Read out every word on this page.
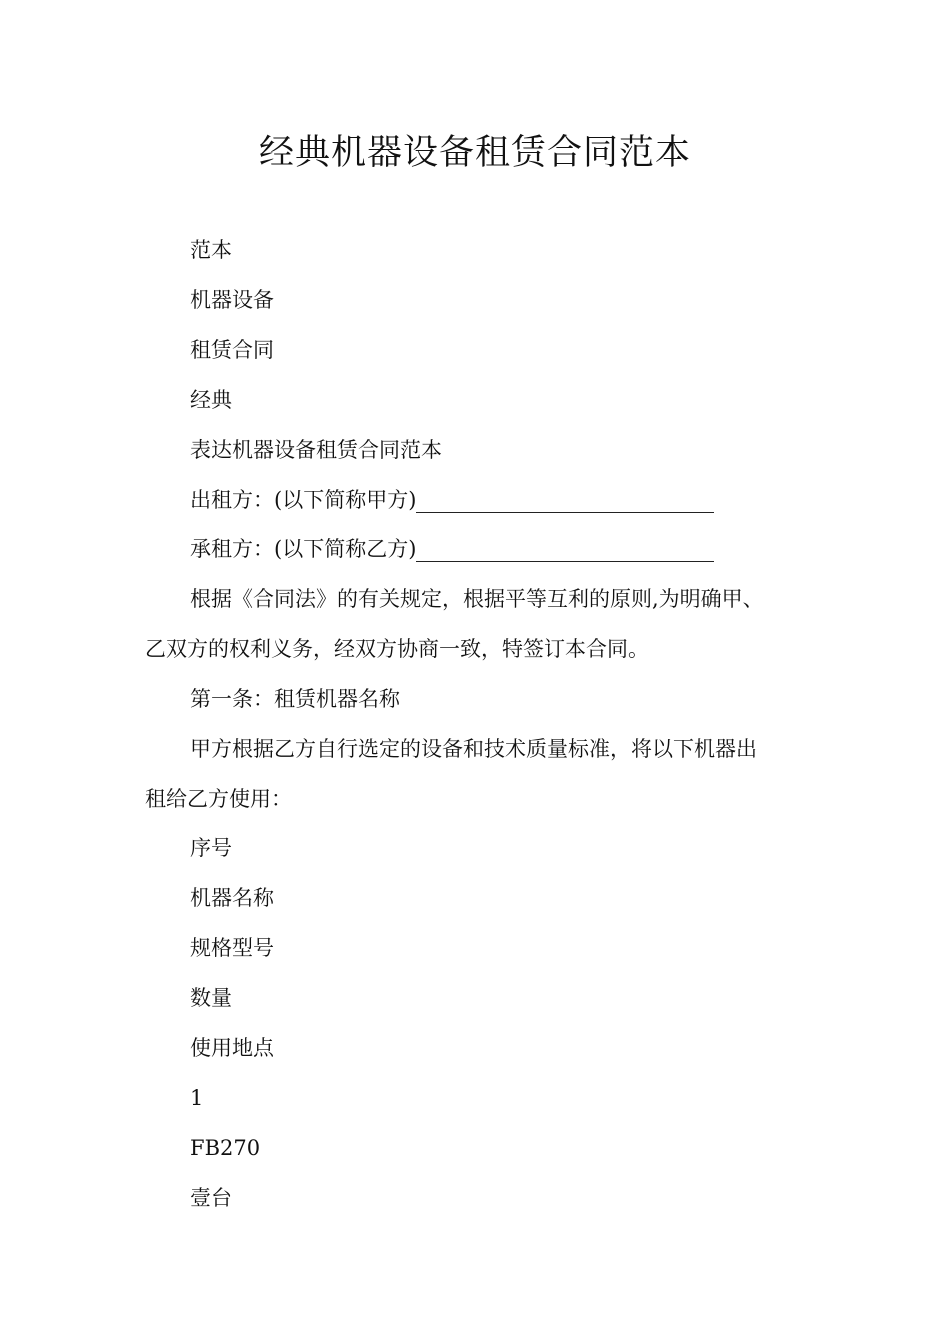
经典机器设备租赁合同范本
范本
机器设备
租赁合同
经典
表达机器设备租赁合同范本
出租方：(以下简称甲方)
承租方：(以下简称乙方)
根据《合同法》的有关规定，根据平等互利的原则,为明确甲、
乙双方的权利义务，经双方协商一致，特签订本合同。
第一条：租赁机器名称
甲方根据乙方自行选定的设备和技术质量标准，将以下机器出
租给乙方使用：
序号
机器名称
规格型号
数量
使用地点
1
FB270
壹台
